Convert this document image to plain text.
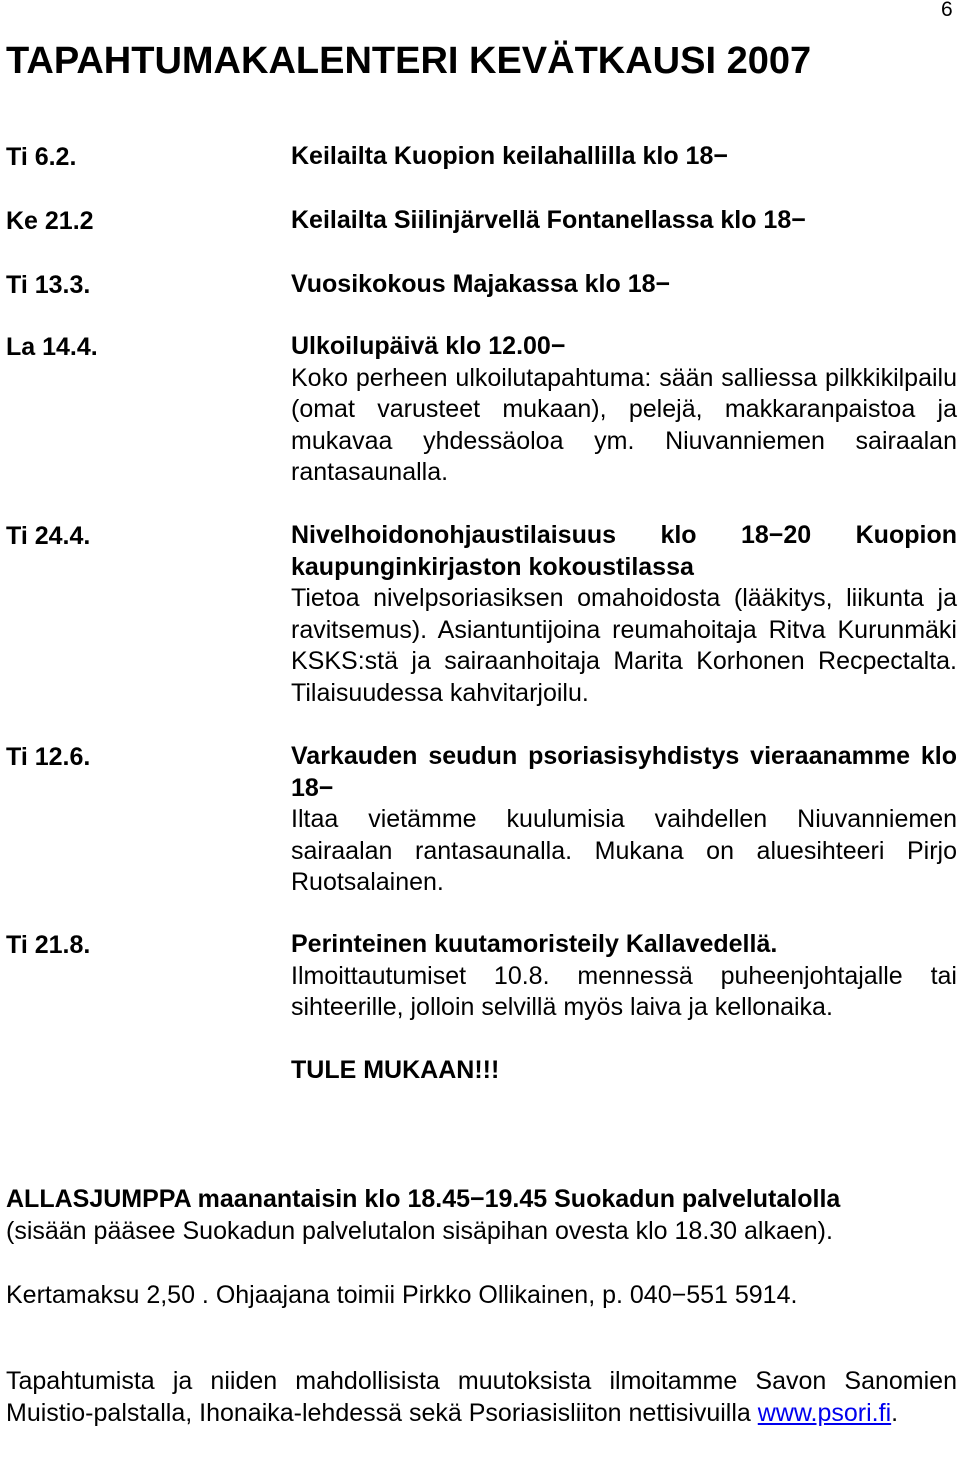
6
TAPAHTUMAKALENTERI KEVÄTKAUSI 2007
Ti 6.2.	Keilailta Kuopion keilahallilla klo 18−
Ke 21.2	Keilailta Siilinjärvellä Fontanellassa klo 18−
Ti 13.3.	Vuosikokous Majakassa klo 18−
La 14.4.	Ulkoilupäivä klo 12.00−
Koko perheen ulkoilutapahtuma: sään salliessa pilkkikilpailu (omat varusteet mukaan), pelejä, makkaranpaistoa ja mukavaa yhdessäoloa ym. Niuvanniemen sairaalan rantasaunalla.
Ti 24.4.	Nivelhoidonohjaustilaisuus klo 18−20 Kuopion kaupunginkirjaston kokoustilassa
Tietoa nivelpsoriasiksen omahoidosta (lääkitys, liikunta ja ravitsemus). Asiantuntijoina reumahoitaja Ritva Kurunmäki KSKS:stä ja sairaanhoitaja Marita Korhonen Recpectalta. Tilaisuudessa kahvitarjoilu.
Ti 12.6.	Varkauden seudun psoriasisyhdistys vieraanamme klo 18−
Iltaa vietämme kuulumisia vaihdellen Niuvanniemen sairaalan rantasaunalla. Mukana on aluesihteeri Pirjo Ruotsalainen.
Ti 21.8.	Perinteinen kuutamoristeily Kallavedellä.
Ilmoittautumiset 10.8. mennessä puheenjohtajalle tai sihteerille, jolloin selvillä myös laiva ja kellonaika.
TULE MUKAAN!!!
ALLASJUMPPA maanantaisin klo 18.45−19.45 Suokadun palvelutalolla
(sisään pääsee Suokadun palvelutalon sisäpihan ovesta klo 18.30 alkaen).
Kertamaksu 2,50 . Ohjaajana toimii Pirkko Ollikainen, p. 040−551 5914.
Tapahtumista ja niiden mahdollisista muutoksista ilmoitamme Savon Sanomien Muistio-palstalla, Ihonaika-lehdessä sekä Psoriasisliiton nettisivuilla www.psori.fi.
